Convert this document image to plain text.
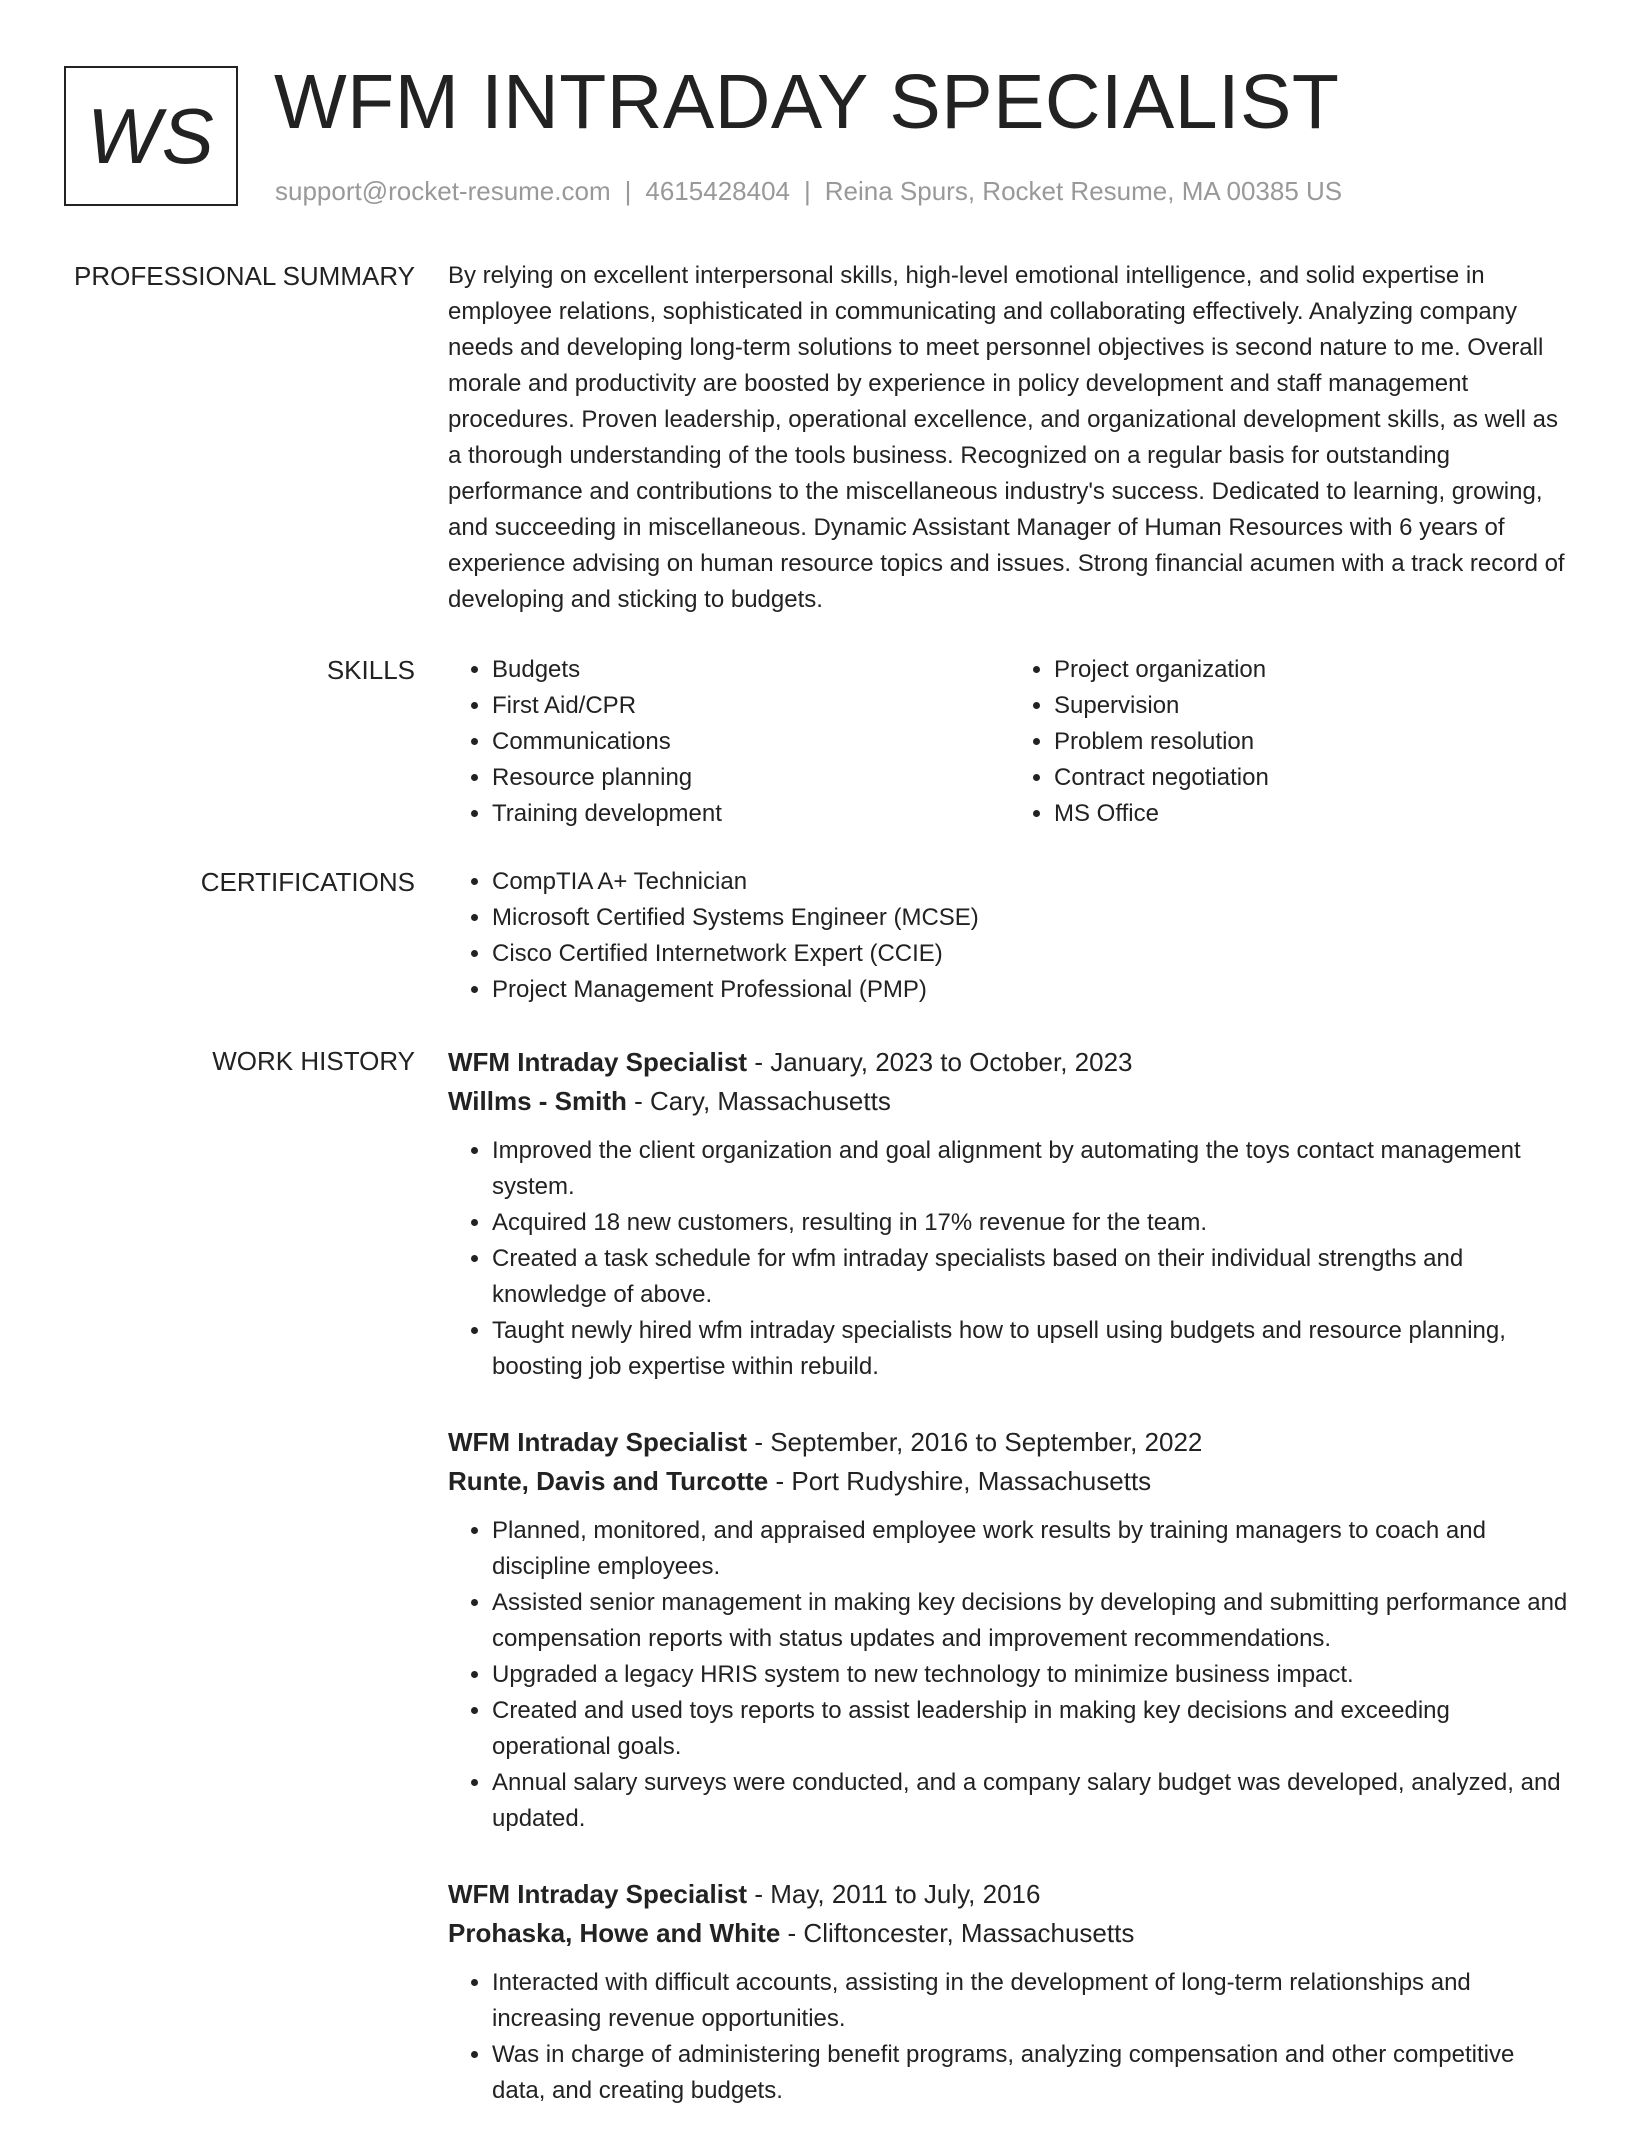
WS WFM INTRADAY SPECIALIST
support@rocket-resume.com | 4615428404 | Reina Spurs, Rocket Resume, MA 00385 US
PROFESSIONAL SUMMARY By relying on excellent interpersonal skills, high-level emotional intelligence, and solid expertise in employee relations, sophisticated in communicating and collaborating effectively. Analyzing company needs and developing long-term solutions to meet personnel objectives is second nature to me. Overall morale and productivity are boosted by experience in policy development and staff management procedures. Proven leadership, operational excellence, and organizational development skills, as well as a thorough understanding of the tools business. Recognized on a regular basis for outstanding performance and contributions to the miscellaneous industry's success. Dedicated to learning, growing, and succeeding in miscellaneous. Dynamic Assistant Manager of Human Resources with 6 years of experience advising on human resource topics and issues. Strong financial acumen with a track record of developing and sticking to budgets.

SKILLS	• Budgets
• First Aid/CPR
• Communications
• Resource planning
• Training development
• Project organization
• Supervision
• Problem resolution
• Contract negotiation
• MS Office
CERTIFICATIONS	• CompTIA A+ Technician
• Microsoft Certified Systems Engineer (MCSE)
• Cisco Certified Internetwork Expert (CCIE)
• Project Management Professional (PMP)
WORK HISTORY WFM Intraday Specialist - January, 2023 to October, 2023
Willms - Smith - Cary, Massachusetts
• Improved the client organization and goal alignment by automating the toys contact management system.
• Acquired 18 new customers, resulting in 17% revenue for the team.
• Created a task schedule for wfm intraday specialists based on their individual strengths and knowledge of above.
• Taught newly hired wfm intraday specialists how to upsell using budgets and resource planning, boosting job expertise within rebuild.
WFM Intraday Specialist - September, 2016 to September, 2022
Runte, Davis and Turcotte - Port Rudyshire, Massachusetts
• Planned, monitored, and appraised employee work results by training managers to coach and discipline employees.
• Assisted senior management in making key decisions by developing and submitting performance and compensation reports with status updates and improvement recommendations.
• Upgraded a legacy HRIS system to new technology to minimize business impact.
• Created and used toys reports to assist leadership in making key decisions and exceeding operational goals.
• Annual salary surveys were conducted, and a company salary budget was developed, analyzed, and updated.
WFM Intraday Specialist - May, 2011 to July, 2016
Prohaska, Howe and White - Cliftoncester, Massachusetts
• Interacted with difficult accounts, assisting in the development of long-term relationships and increasing revenue opportunities.
• Was in charge of administering benefit programs, analyzing compensation and other competitive data, and creating budgets.
